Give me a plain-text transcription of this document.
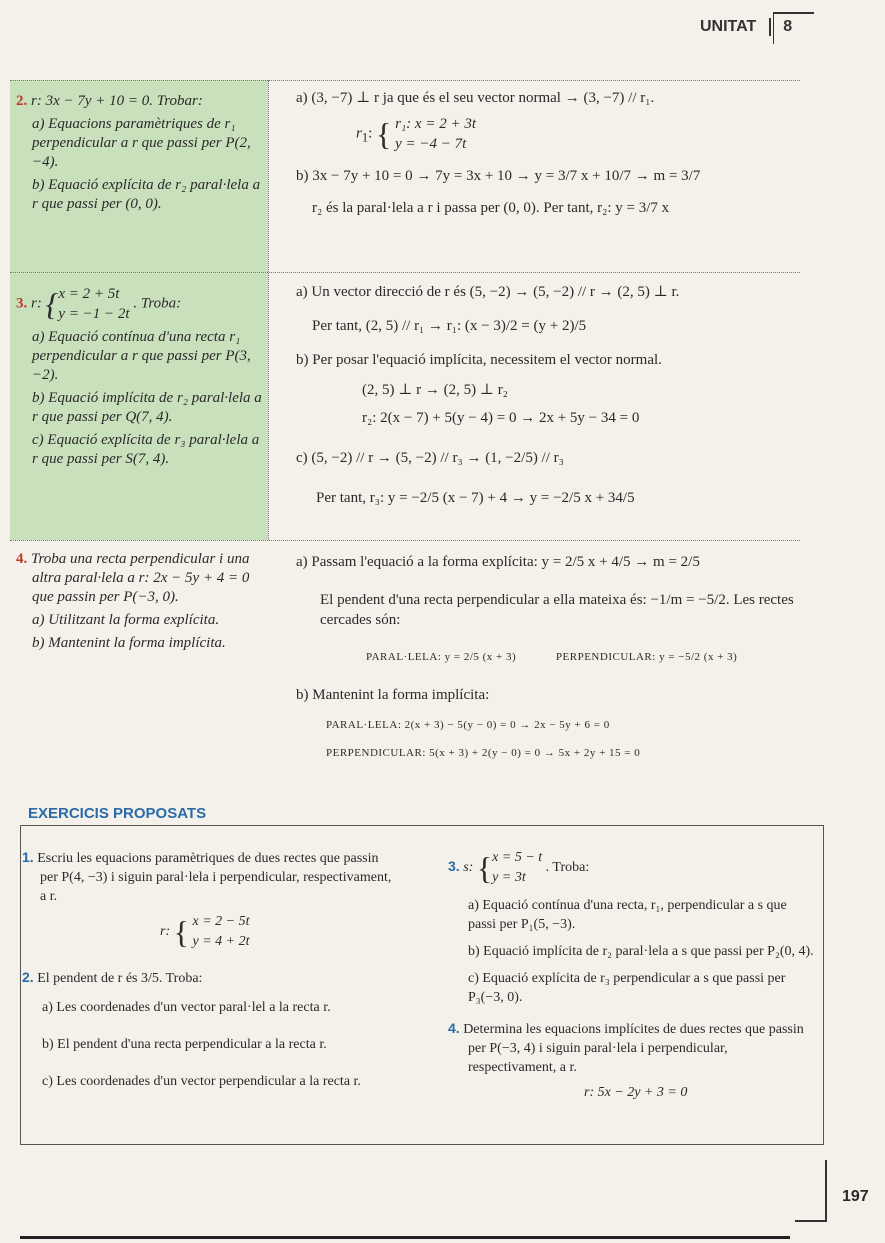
UNITAT 8
2. r: 3x − 7y + 10 = 0. Trobar:
a) Equacions paramètriques de r₁ perpendicular a r que passi per P(2, −4).
b) Equació explícita de r₂ paral·lela a r que passi per (0, 0).
a) (3, −7) ⊥ r ja que és el seu vector normal → (3, −7) // r₁.
$r_1$: { r₁: x = 2 + 3t
y = −4 − 7t
b) 3x − 7y + 10 = 0 → 7y = 3x + 10 → y = 3/7 x + 10/7 → m = 3/7
r₂ és la paral·lela a r i passa per (0, 0). Per tant, r₂: y = 3/7 x
3. r: {x = 2 + 5t
y = −1 − 2t . Troba:
a) Equació contínua d'una recta r₁ perpendicular a r que passi per P(3, −2).
b) Equació implícita de r₂ paral·lela a r que passi per Q(7, 4).
c) Equació explícita de r₃ paral·lela a r que passi per S(7, 4).
a) Un vector direcció de r és (5, −2) → (5, −2) // r → (2, 5) ⊥ r.
Per tant, (2, 5) // r₁ → r₁: (x − 3)/2 = (y + 2)/5
b) Per posar l'equació implícita, necessitem el vector normal.
(2, 5) ⊥ r → (2, 5) ⊥ r₂
r₂: 2(x − 7) + 5(y − 4) = 0 → 2x + 5y − 34 = 0
c) (5, −2) // r → (5, −2) // r₃ → (1, −2/5) // r₃
Per tant, r₃: y = −2/5 (x − 7) + 4 → y = −2/5 x + 34/5
4. Troba una recta perpendicular i una altra paral·lela a r: 2x − 5y + 4 = 0 que passin per P(−3, 0).
a) Utilitzant la forma explícita.
b) Mantenint la forma implícita.
a) Passam l'equació a la forma explícita: y = 2/5 x + 4/5 → m = 2/5
El pendent d'una recta perpendicular a ella mateixa és: −1/m = −5/2. Les rectes cercades són:
PARAL·LELA: y = 2/5 (x + 3)	PERPENDICULAR: y = −5/2 (x + 3)
b) Mantenint la forma implícita:
PARAL·LELA: 2(x + 3) − 5(y − 0) = 0 → 2x − 5y + 6 = 0
PERPENDICULAR: 5(x + 3) + 2(y − 0) = 0 → 5x + 2y + 15 = 0
EXERCICIS PROPOSATS
1. Escriu les equacions paramètriques de dues rectes que passin per P(4, −3) i siguin paral·lela i perpendicular, respectivament, a r.
r: { x = 2 − 5t
y = 4 + 2t
2. El pendent de r és 3/5. Troba:
a) Les coordenades d'un vector paral·lel a la recta r.
b) El pendent d'una recta perpendicular a la recta r.
c) Les coordenades d'un vector perpendicular a la recta r.
3. s: {x = 5 − t
y = 3t . Troba:
a) Equació contínua d'una recta, r₁, perpendicular a s que passi per P₁(5, −3).
b) Equació implícita de r₂ paral·lela a s que passi per P₂(0, 4).
c) Equació explícita de r₃ perpendicular a s que passi per P₃(−3, 0).
4. Determina les equacions implícites de dues rectes que passin per P(−3, 4) i siguin paral·lela i perpendicular, respectivament, a r.
r: 5x − 2y + 3 = 0
197
